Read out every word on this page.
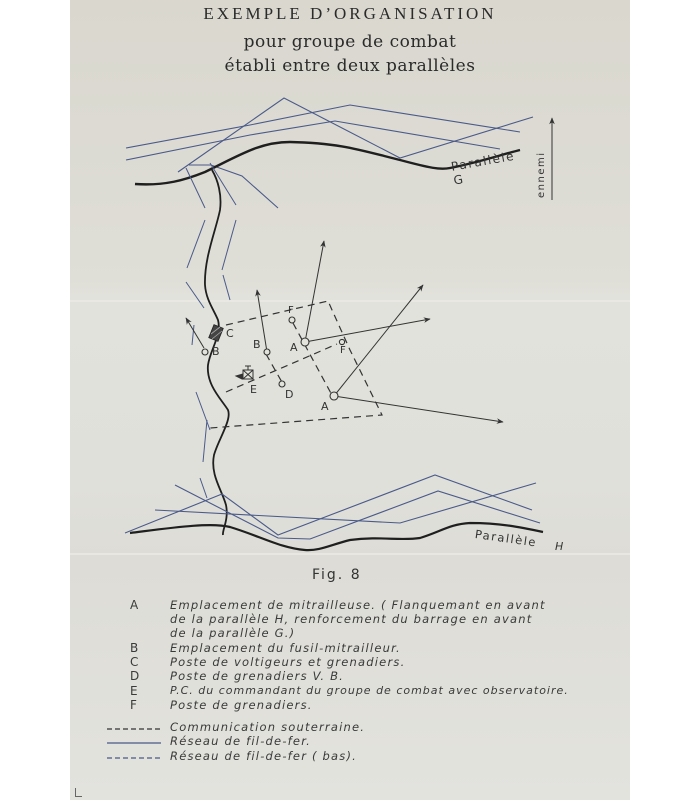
EXEMPLE D’ORGANISATION
pour groupe de combat
établi entre deux parallèles
Parallèle G	ennemi
Parallèle H
A
A
B
B
C
D
E
F
F
Fig. 8
A	Emplacement de mitrailleuse. ( Flanquemant en avant
de la parallèle H, renforcement du barrage en avant
de la parallèle G.)
B	Emplacement du fusil-mitrailleur.
C	Poste de voltigeurs et grenadiers.
D	Poste de grenadiers V. B.
E	P.C. du commandant du groupe de combat avec observatoire.
F	Poste de grenadiers.
Communication souterraine.
Réseau de fil-de-fer.
Réseau de fil-de-fer ( bas).
